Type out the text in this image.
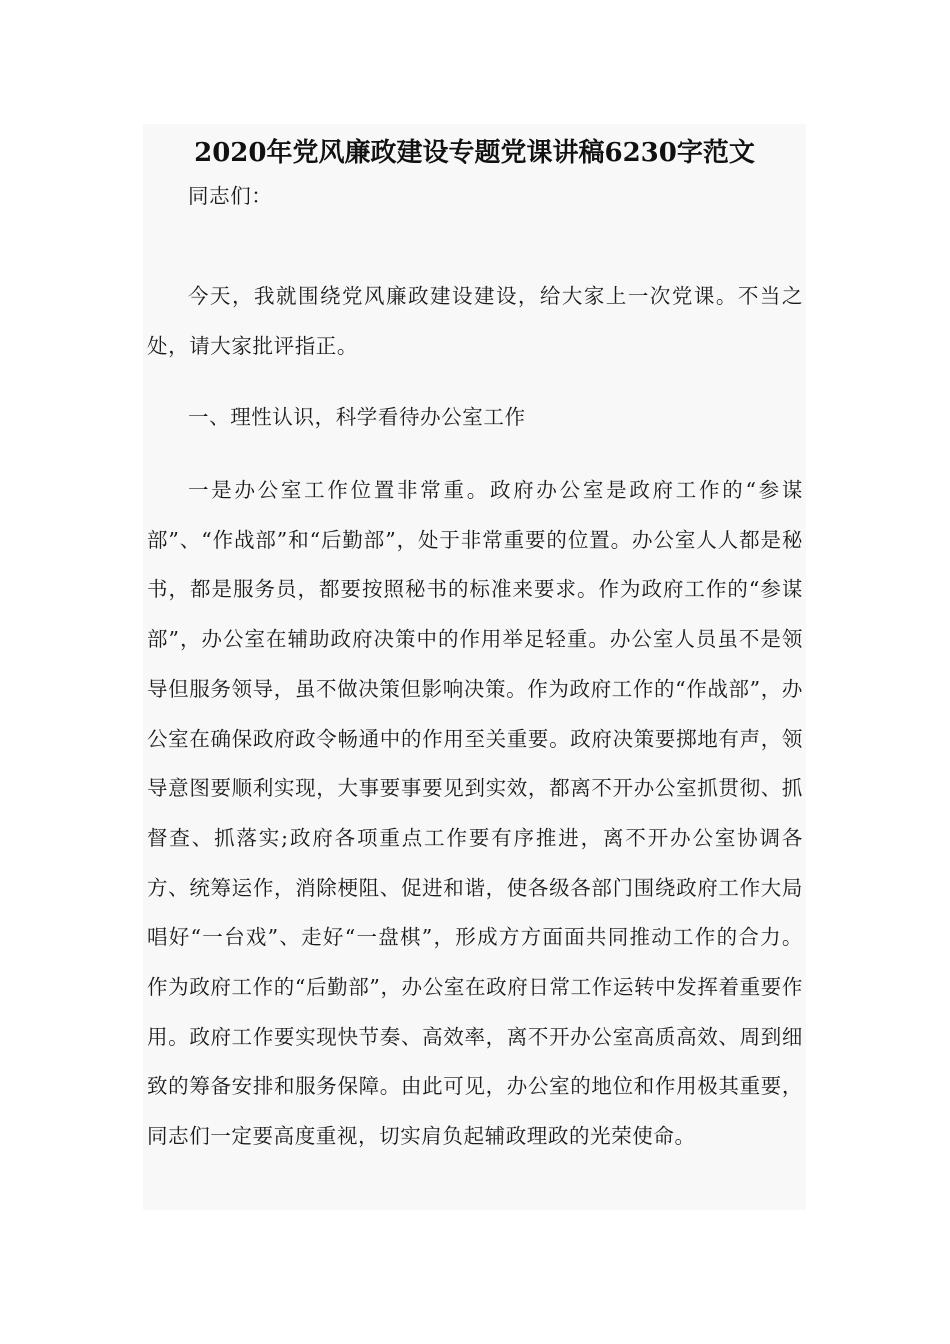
2020年党风廉政建设专题党课讲稿6230字范文

同志们：

今天，我就围绕党风廉政建设建设，给大家上一次党课。不当之处，请大家批评指正。

一、理性认识，科学看待办公室工作

一是办公室工作位置非常重。政府办公室是政府工作的“参谋部”、“作战部”和“后勤部”，处于非常重要的位置。办公室人人都是秘书，都是服务员，都要按照秘书的标准来要求。作为政府工作的“参谋部”，办公室在辅助政府决策中的作用举足轻重。办公室人员虽不是领导但服务领导，虽不做决策但影响决策。作为政府工作的“作战部”，办公室在确保政府政令畅通中的作用至关重要。政府决策要掷地有声，领导意图要顺利实现，大事要事要见到实效，都离不开办公室抓贯彻、抓督查、抓落实;政府各项重点工作要有序推进，离不开办公室协调各方、统筹运作，消除梗阻、促进和谐，使各级各部门围绕政府工作大局唱好“一台戏”、走好“一盘棋”，形成方方面面共同推动工作的合力。作为政府工作的“后勤部”，办公室在政府日常工作运转中发挥着重要作用。政府工作要实现快节奏、高效率，离不开办公室高质高效、周到细致的筹备安排和服务保障。由此可见，办公室的地位和作用极其重要，同志们一定要高度重视，切实肩负起辅政理政的光荣使命。
